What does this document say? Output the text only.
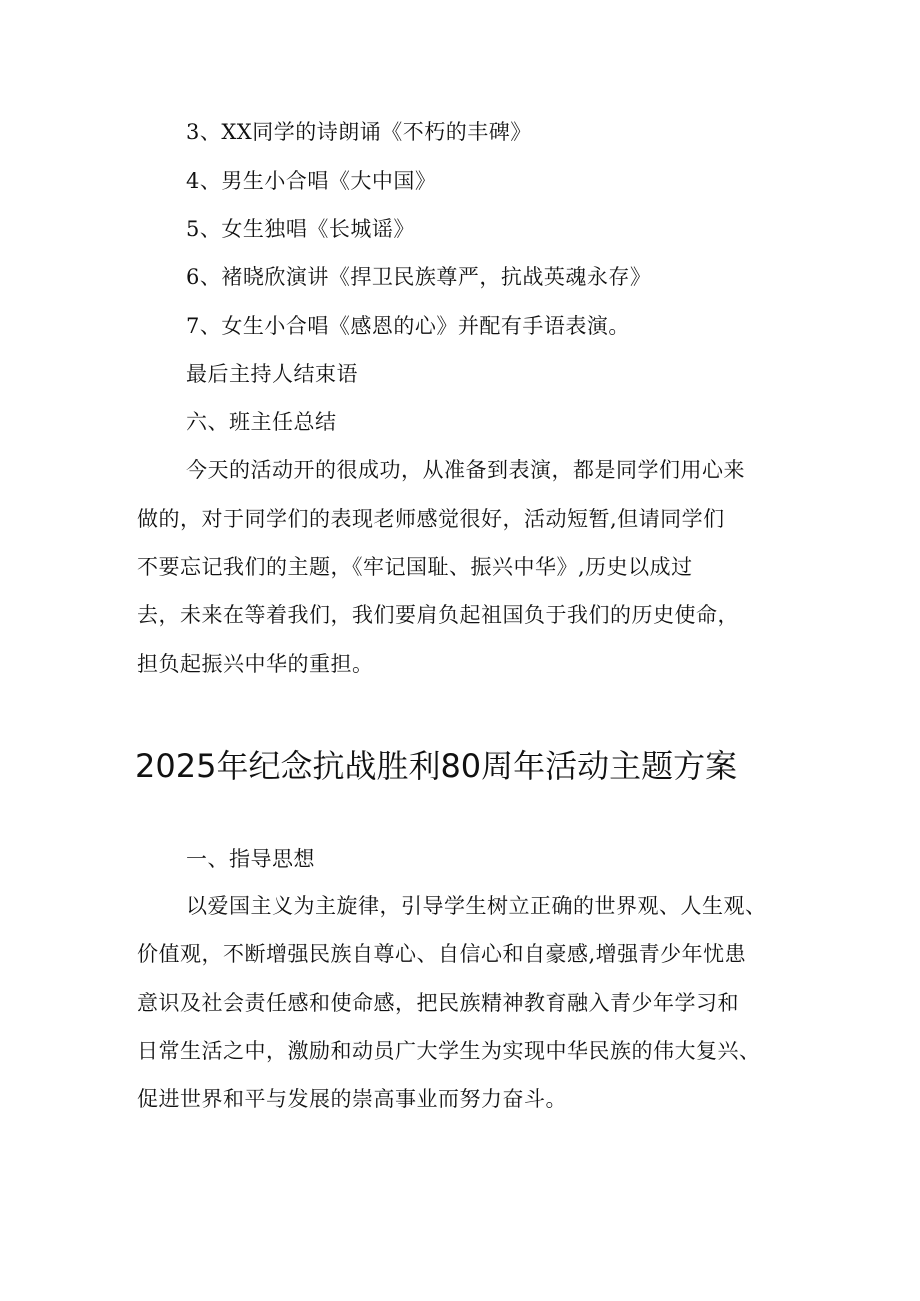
3、XX同学的诗朗诵《不朽的丰碑》
4、男生小合唱《大中国》
5、女生独唱《长城谣》
6、褚晓欣演讲《捍卫民族尊严，抗战英魂永存》
7、女生小合唱《感恩的心》并配有手语表演。
最后主持人结束语
六、班主任总结
今天的活动开的很成功，从准备到表演，都是同学们用心来
做的，对于同学们的表现老师感觉很好，活动短暂,但请同学们
不要忘记我们的主题，《牢记国耻、振兴中华》,历史以成过
去，未来在等着我们，我们要肩负起祖国负于我们的历史使命，
担负起振兴中华的重担。
2025年纪念抗战胜利80周年活动主题方案
一、指导思想
以爱国主义为主旋律，引导学生树立正确的世界观、人生观、
价值观，不断增强民族自尊心、自信心和自豪感,增强青少年忧患
意识及社会责任感和使命感，把民族精神教育融入青少年学习和
日常生活之中，激励和动员广大学生为实现中华民族的伟大复兴、
促进世界和平与发展的崇高事业而努力奋斗。
